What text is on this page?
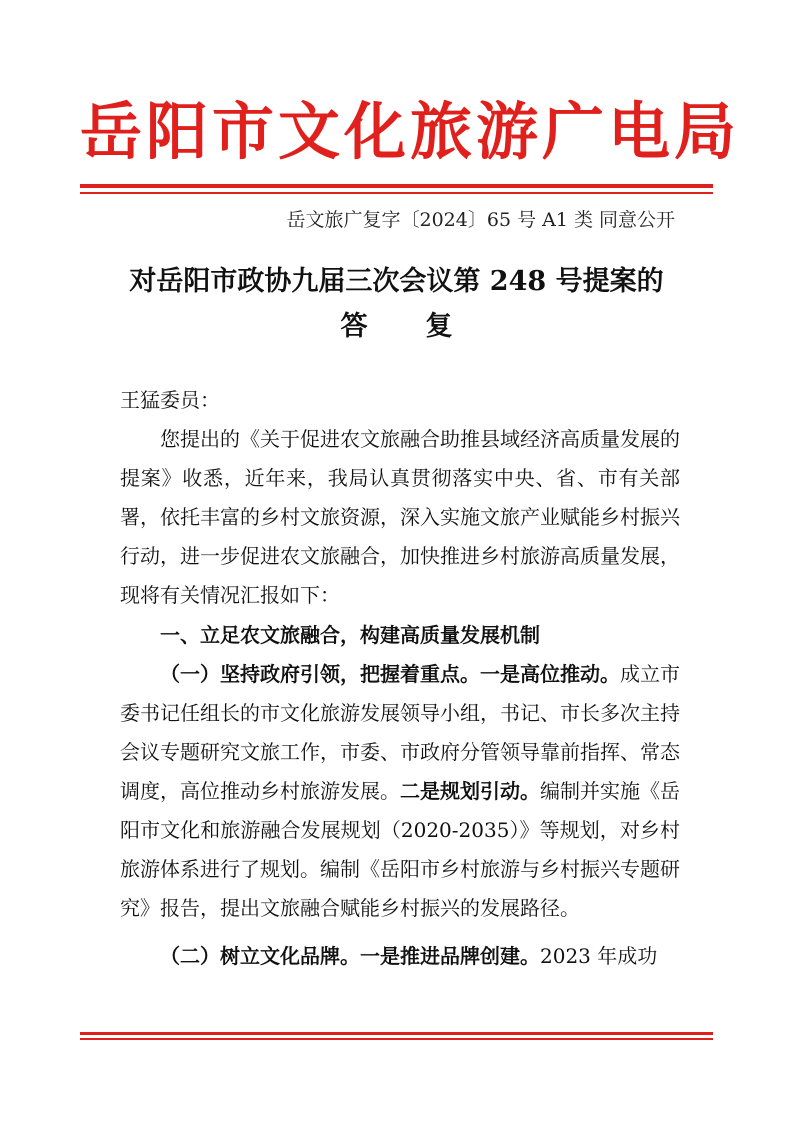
岳阳市文化旅游广电局
岳文旅广复字〔2024〕65 号 A1 类 同意公开
对岳阳市政协九届三次会议第 248 号提案的
答复

王猛委员：

您提出的《关于促进农文旅融合助推县域经济高质量发展的提案》收悉，近年来，我局认真贯彻落实中央、省、市有关部署，依托丰富的乡村文旅资源，深入实施文旅产业赋能乡村振兴行动，进一步促进农文旅融合，加快推进乡村旅游高质量发展，现将有关情况汇报如下：

一、立足农文旅融合，构建高质量发展机制

（一）坚持政府引领，把握着重点。一是高位推动。成立市委书记任组长的市文化旅游发展领导小组，书记、市长多次主持会议专题研究文旅工作，市委、市政府分管领导靠前指挥、常态调度，高位推动乡村旅游发展。二是规划引动。编制并实施《岳阳市文化和旅游融合发展规划（2020-2035）》等规划，对乡村旅游体系进行了规划。编制《岳阳市乡村旅游与乡村振兴专题研究》报告，提出文旅融合赋能乡村振兴的发展路径。

（二）树立文化品牌。一是推进品牌创建。2023 年成功
